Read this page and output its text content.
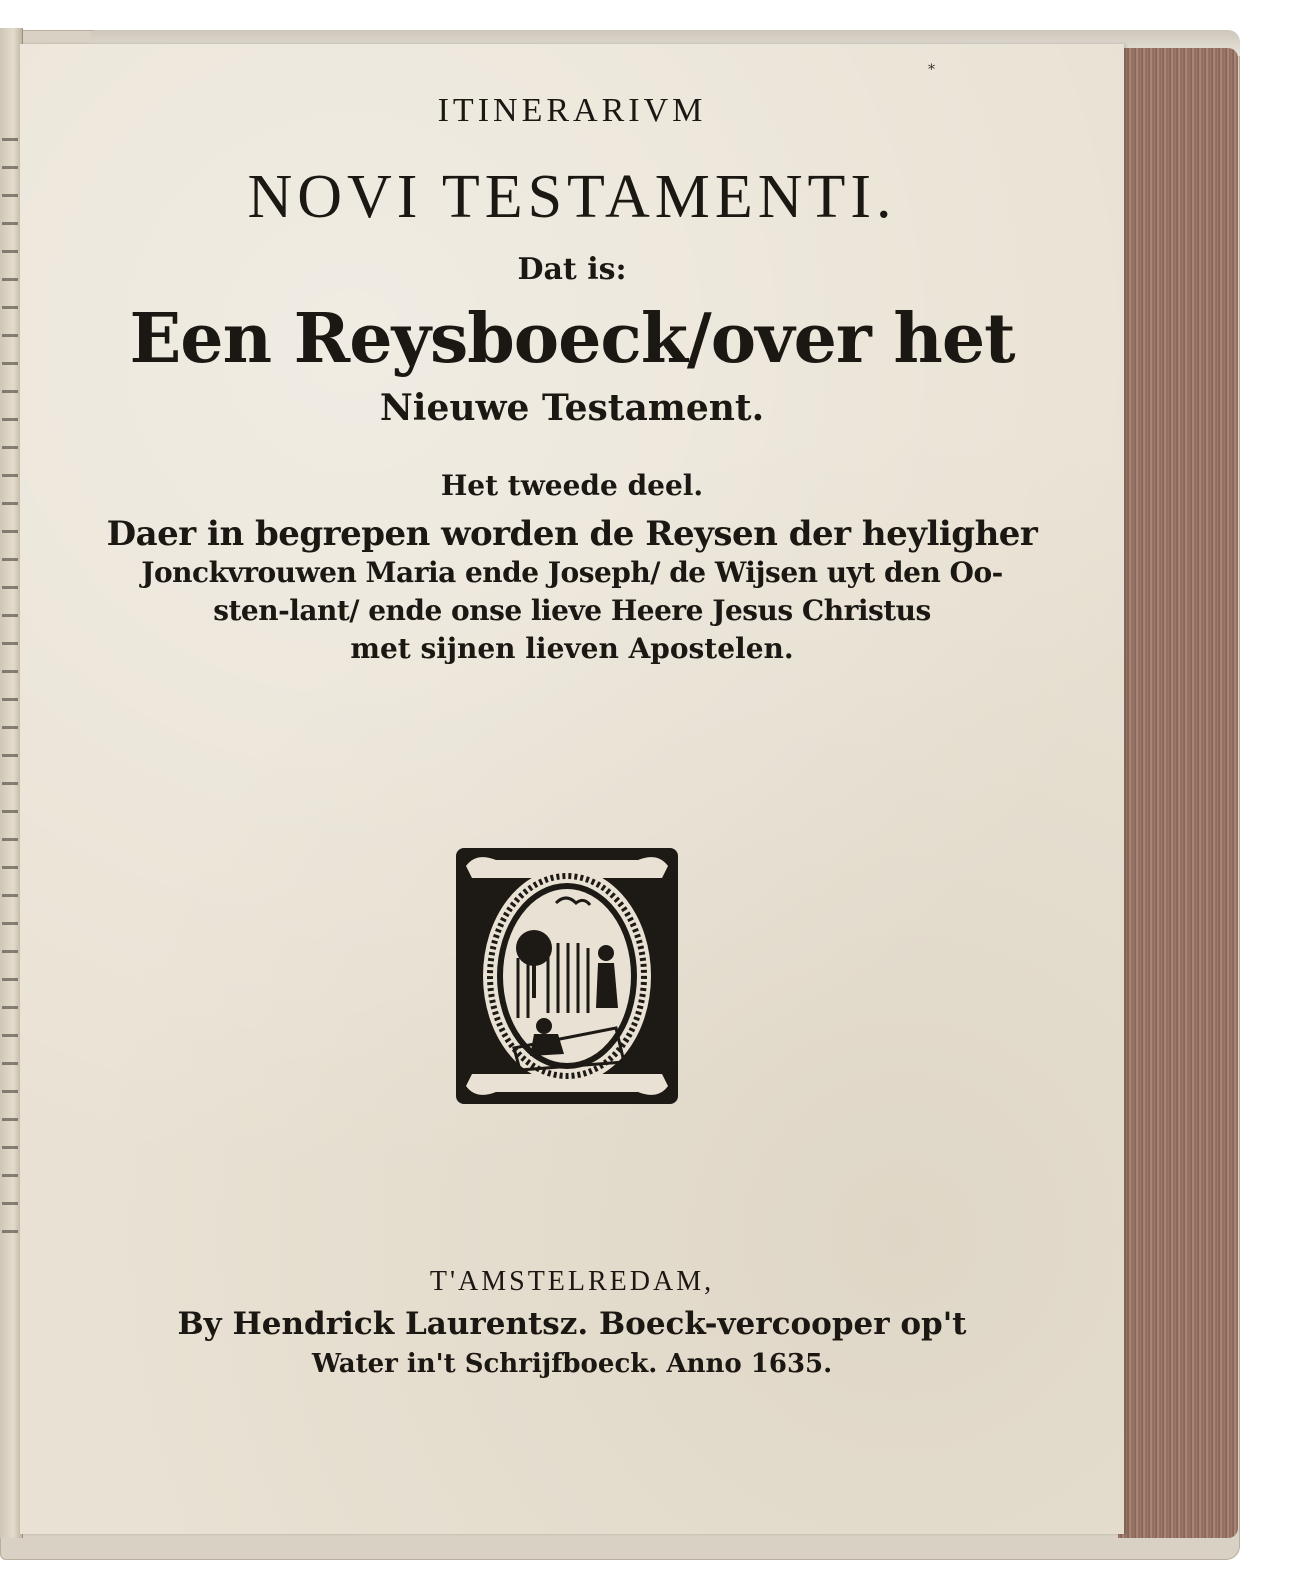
*

ITINERARIVM

NOVI TESTAMENTI.

Dat is:

Een Reysboeck/over het

Nieuwe Testament.

Het tweede deel.

Daer in begrepen worden de Reysen der heyligher

Jonckvrouwen Maria ende Joseph/ de Wijsen uyt den Oo-

sten-lant/ ende onse lieve Heere Jesus Christus

met sijnen lieven Apostelen.

T'AMSTELREDAM,

By Hendrick Laurentsz. Boeck-vercooper op't

Water in't Schrijfboeck. Anno 1635.
